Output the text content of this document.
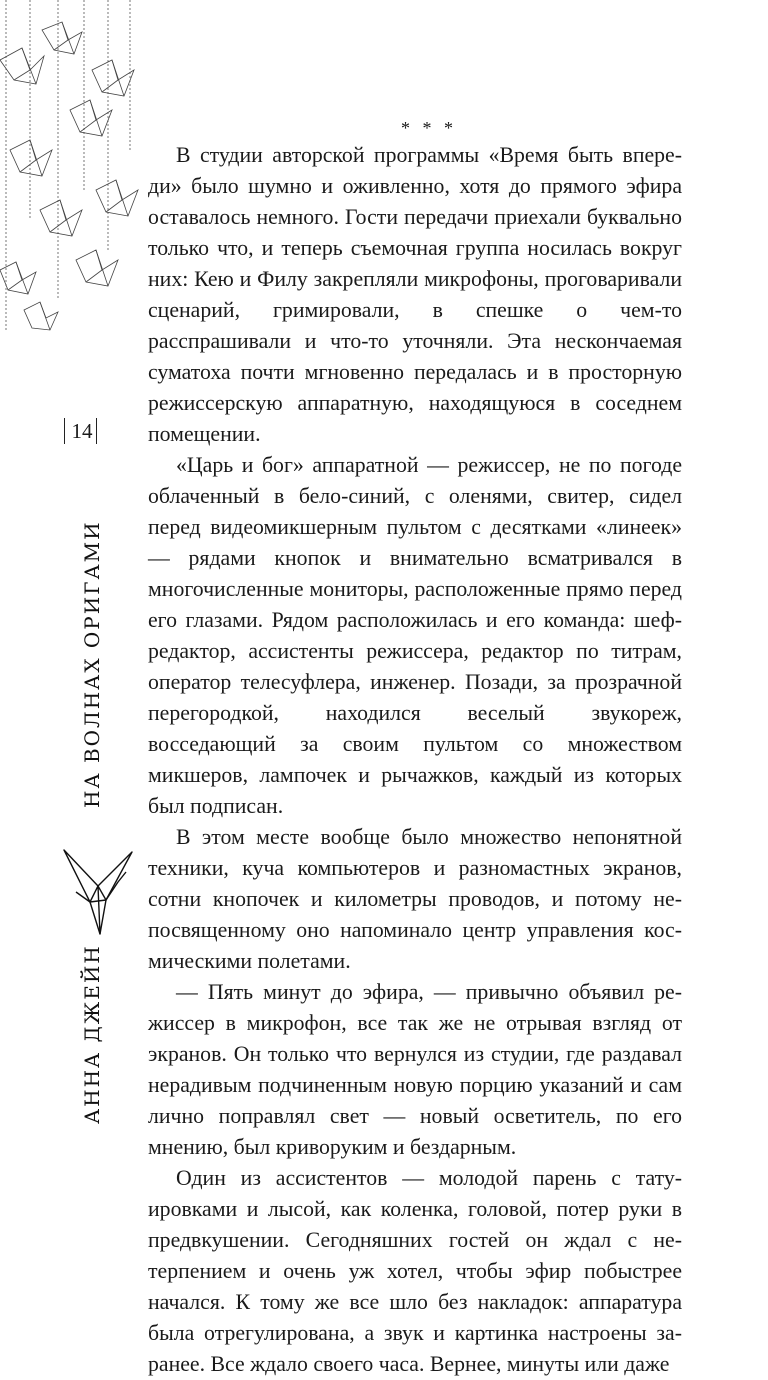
14
НА ВОЛНАХ ОРИГАМИ
АННА ДЖЕЙН
* * *

В студии авторской программы «Время быть впереди» было шумно и оживленно, хотя до прямого эфира оставалось немного. Гости передачи приехали буквально только что, и теперь съемочная группа носилась вокруг них: Кею и Филу закрепляли микрофоны, проговаривали сценарий, гримировали, в спешке о чем-то расспрашивали и что-то уточняли. Эта нескончаемая суматоха почти мгновенно передалась и в просторную режиссерскую аппаратную, находящуюся в соседнем помещении.

«Царь и бог» аппаратной — режиссер, не по погоде облаченный в бело-синий, с оленями, свитер, сидел перед видеомикшерным пультом с десятками «линеек» — рядами кнопок и внимательно всматривался в многочисленные мониторы, расположенные прямо перед его глазами. Рядом расположилась и его команда: шеф-редактор, ассистенты режиссера, редактор по титрам, оператор телесуфлера, инженер. Позади, за прозрачной перегородкой, находился веселый звукореж, восседающий за своим пультом со множеством микшеров, лампочек и рычажков, каждый из которых был подписан.

В этом месте вообще было множество непонятной техники, куча компьютеров и разномастных экранов, сотни кнопочек и километры проводов, и потому непосвященному оно напоминало центр управления космическими полетами.

— Пять минут до эфира, — привычно объявил режиссер в микрофон, все так же не отрывая взгляд от экранов. Он только что вернулся из студии, где раздавал нерадивым подчиненным новую порцию указаний и сам лично поправлял свет — новый осветитель, по его мнению, был криворуким и бездарным.

Один из ассистентов — молодой парень с татуировками и лысой, как коленка, головой, потер руки в предвкушении. Сегодняшних гостей он ждал с нетерпением и очень уж хотел, чтобы эфир побыстрее начался. К тому же все шло без накладок: аппаратура была отрегулирована, а звук и картинка настроены заранее. Все ждало своего часа. Вернее, минуты или даже
